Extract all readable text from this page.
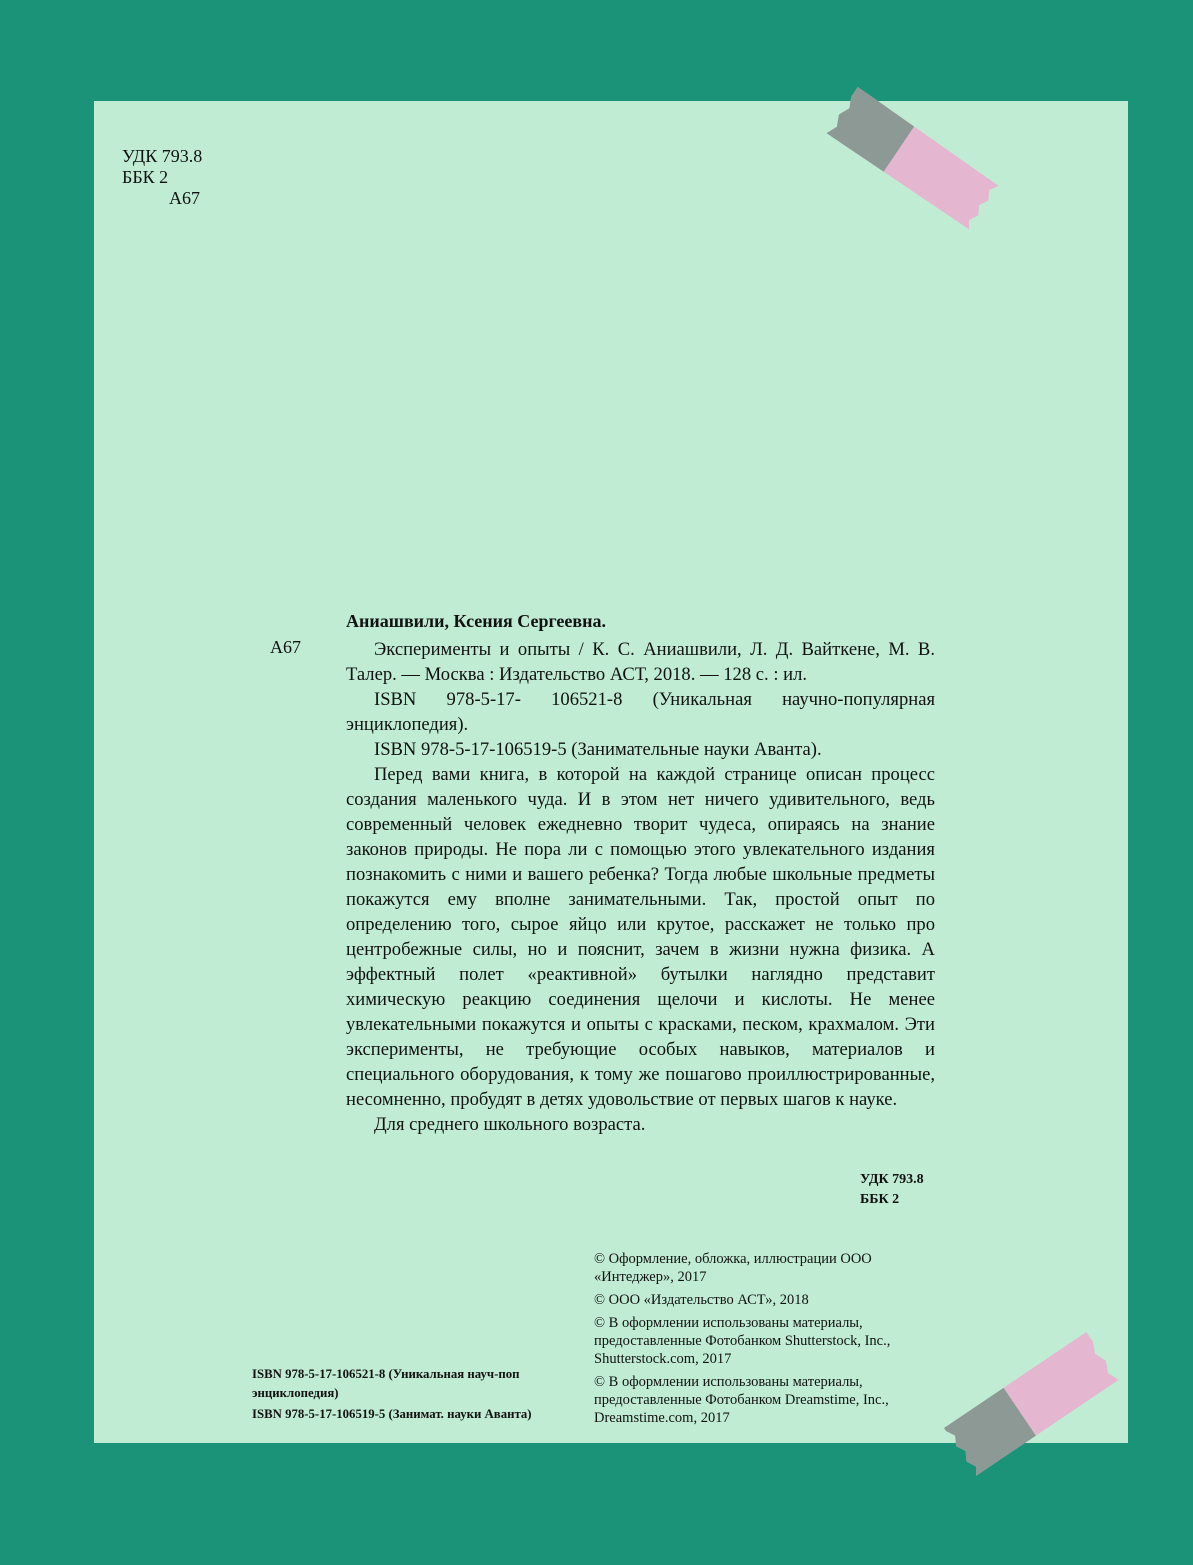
УДК 793.8
ББК 2
А67
Аниашвили, Ксения Сергеевна.
А67	Эксперименты и опыты / К. С. Аниашвили, Л. Д. Вайткене, М. В. Талер. — Москва : Издательство АСТ, 2018. — 128 с. : ил.

ISBN 978-5-17- 106521-8 (Уникальная научно-популярная энциклопедия).

ISBN 978-5-17-106519-5 (Занимательные науки Аванта).

Перед вами книга, в которой на каждой странице описан процесс создания маленького чуда. И в этом нет ничего удивительного, ведь современный человек ежедневно творит чудеса, опираясь на знание законов природы. Не пора ли с помощью этого увлекательного издания познакомить с ними и вашего ребенка? Тогда любые школьные предметы покажутся ему вполне занимательными. Так, простой опыт по определению того, сырое яйцо или крутое, расскажет не только про центробежные силы, но и пояснит, зачем в жизни нужна физика. А эффектный полет «реактивной» бутылки наглядно представит химическую реакцию соединения щелочи и кислоты. Не менее увлекательными покажутся и опыты с красками, песком, крахмалом. Эти эксперименты, не требующие особых навыков, материалов и специального оборудования, к тому же пошагово проиллюстрированные, несомненно, пробудят в детях удовольствие от первых шагов к науке.

Для среднего школьного возраста.

УДК 793.8
ББК 2

© Оформление, обложка, иллюстрации ООО «Интеджер», 2017

© ООО «Издательство АСТ», 2018

© В оформлении использованы материалы, предоставленные Фотобанком Shutterstock, Inc., Shutterstock.com, 2017

© В оформлении использованы материалы, предоставленные Фотобанком Dreamstime, Inc., Dreamstime.com, 2017

ISBN 978-5-17-106521-8 (Уникальная науч-поп энциклопедия)

ISBN 978-5-17-106519-5 (Занимат. науки Аванта)
